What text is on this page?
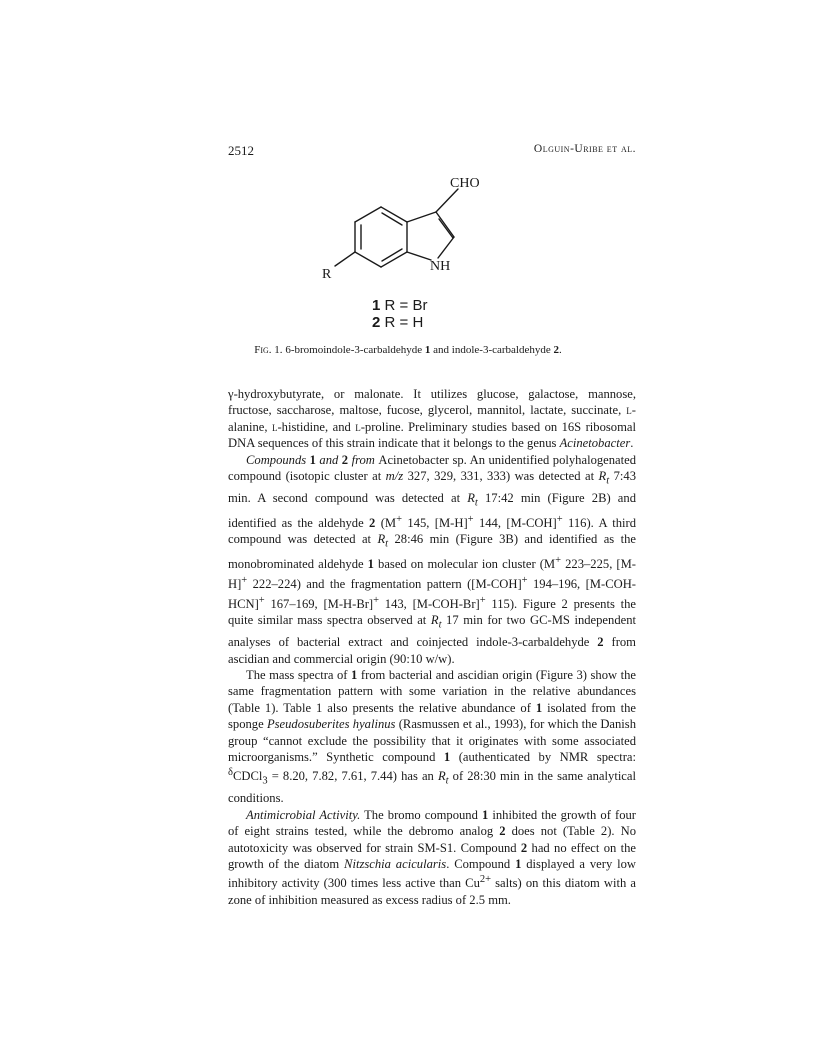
2512	Olguin-Uribe et al.
CHO
NH
R
1 R = Br
2 R = H
Fig. 1. 6-bromoindole-3-carbaldehyde 1 and indole-3-carbaldehyde 2.

γ-hydroxybutyrate, or malonate. It utilizes glucose, galactose, mannose, fructose, saccharose, maltose, fucose, glycerol, mannitol, lactate, succinate, l-alanine, l-histidine, and l-proline. Preliminary studies based on 16S ribosomal DNA sequences of this strain indicate that it belongs to the genus Acinetobacter.

Compounds 1 and 2 from Acinetobacter sp. An unidentified polyhalogenated compound (isotopic cluster at m/z 327, 329, 331, 333) was detected at $R_t$ 7:43 min. A second compound was detected at $R_t$ 17:42 min (Figure 2B) and identified as the aldehyde 2 (M+ 145, [M-H]+ 144, [M-COH]+ 116). A third compound was detected at $R_t$ 28:46 min (Figure 3B) and identified as the monobrominated aldehyde 1 based on molecular ion cluster (M+ 223–225, [M-H]+ 222–224) and the fragmentation pattern ([M-COH]+ 194–196, [M-COH-HCN]+ 167–169, [M-H-Br]+ 143, [M-COH-Br]+ 115). Figure 2 presents the quite similar mass spectra observed at $R_t$ 17 min for two GC-MS independent analyses of bacterial extract and coinjected indole-3-carbaldehyde 2 from ascidian and commercial origin (90:10 w/w).

The mass spectra of 1 from bacterial and ascidian origin (Figure 3) show the same fragmentation pattern with some variation in the relative abundances (Table 1). Table 1 also presents the relative abundance of 1 isolated from the sponge Pseudosuberites hyalinus (Rasmussen et al., 1993), for which the Danish group “cannot exclude the possibility that it originates with some associated microorganisms.” Synthetic compound 1 (authenticated by NMR spectra: $^\delta$CDCl$_3$ = 8.20, 7.82, 7.61, 7.44) has an $R_t$ of 28:30 min in the same analytical conditions.

Antimicrobial Activity. The bromo compound 1 inhibited the growth of four of eight strains tested, while the debromo analog 2 does not (Table 2). No autotoxicity was observed for strain SM-S1. Compound 2 had no effect on the growth of the diatom Nitzschia acicularis. Compound 1 displayed a very low inhibitory activity (300 times less active than $Cu^{2+}$ salts) on this diatom with a zone of inhibition measured as excess radius of 2.5 mm.
